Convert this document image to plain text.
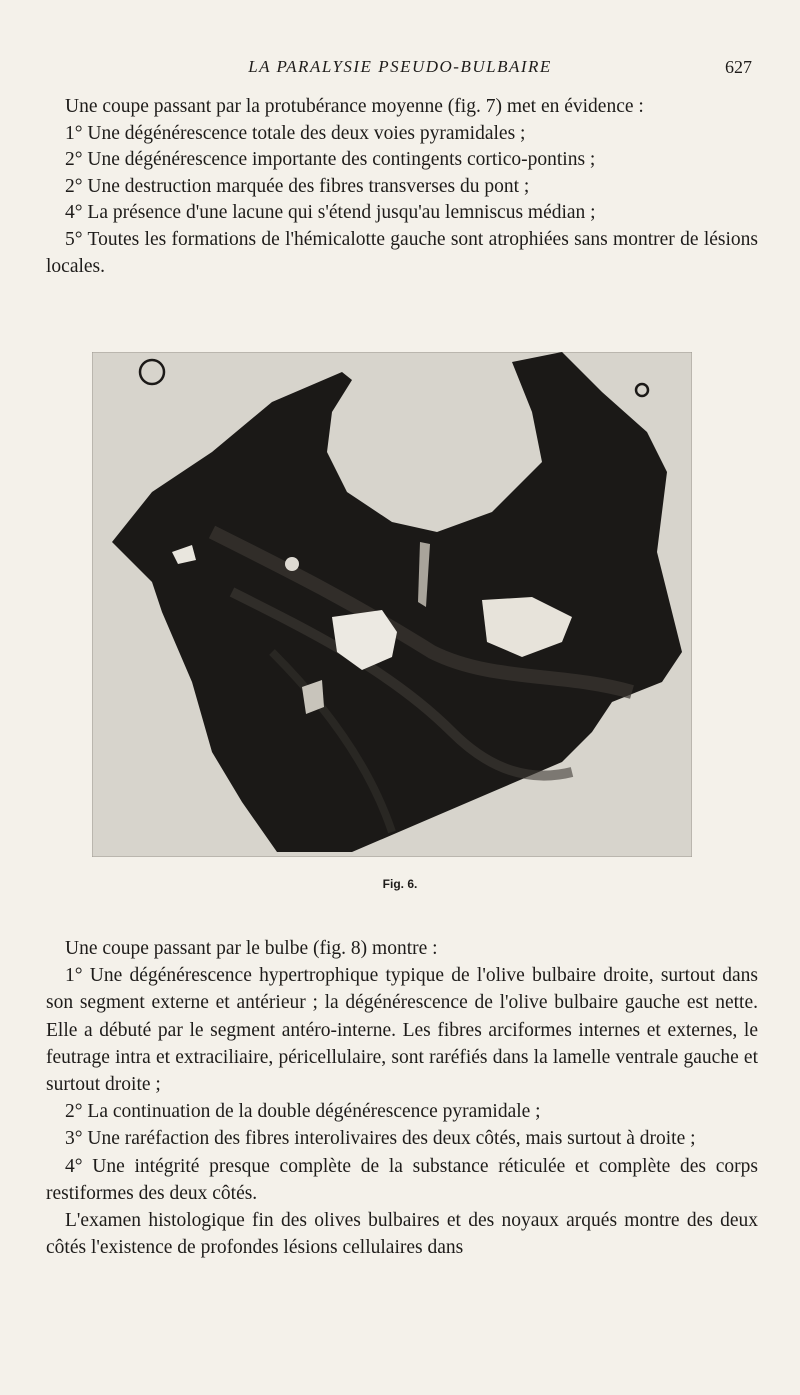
LA PARALYSIE PSEUDO-BULBAIRE	627

Une coupe passant par la protubérance moyenne (fig. 7) met en évidence :

1° Une dégénérescence totale des deux voies pyramidales ;

2° Une dégénérescence importante des contingents cortico-pontins ;

2° Une destruction marquée des fibres transverses du pont ;

4° La présence d'une lacune qui s'étend jusqu'au lemniscus médian ;

5° Toutes les formations de l'hémicalotte gauche sont atrophiées sans montrer de lésions locales.

Fig. 6.

Une coupe passant par le bulbe (fig. 8) montre :

1° Une dégénérescence hypertrophique typique de l'olive bulbaire droite, surtout dans son segment externe et antérieur ; la dégénérescence de l'olive bulbaire gauche est nette. Elle a débuté par le segment antéro-interne. Les fibres arciformes internes et externes, le feutrage intra et extraciliaire, péricellulaire, sont raréfiés dans la lamelle ventrale gauche et surtout droite ;

2° La continuation de la double dégénérescence pyramidale ;

3° Une raréfaction des fibres interolivaires des deux côtés, mais surtout à droite ;

4° Une intégrité presque complète de la substance réticulée et complète des corps restiformes des deux côtés.

L'examen histologique fin des olives bulbaires et des noyaux arqués montre des deux côtés l'existence de profondes lésions cellulaires dans
